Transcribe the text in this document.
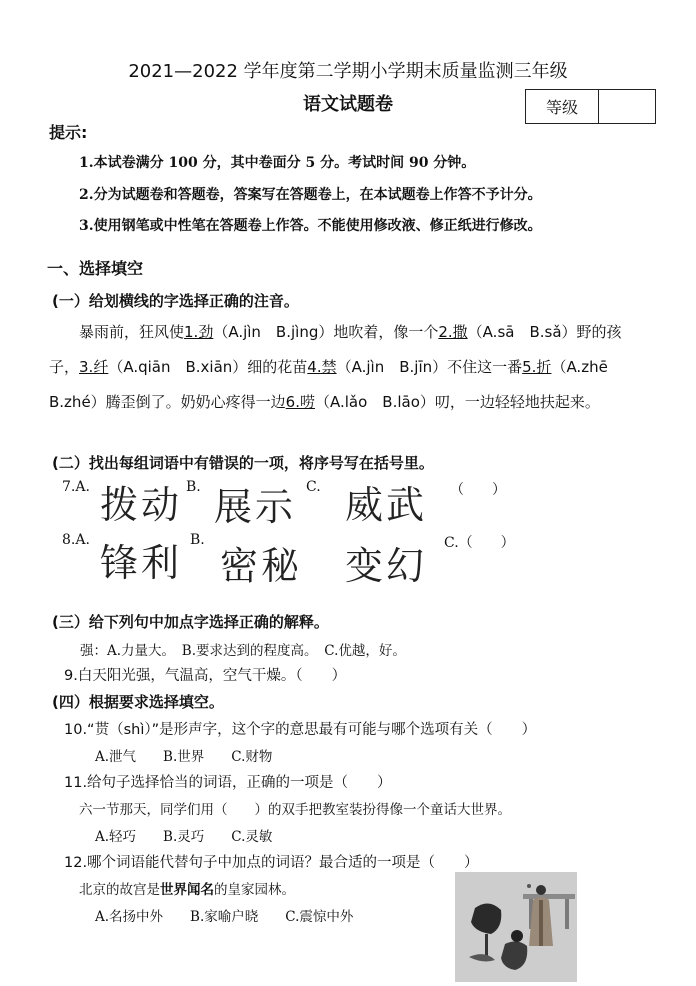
2021—2022 学年度第二学期小学期末质量监测三年级
语文试题卷	等级
提示:
1.本试卷满分 100 分，其中卷面分 5 分。考试时间 90 分钟。
2.分为试题卷和答题卷，答案写在答题卷上，在本试题卷上作答不予计分。
3.使用钢笔或中性笔在答题卷上作答。不能使用修改液、修正纸进行修改。
一、选择填空
(一）给划横线的字选择正确的注音。
暴雨前，狂风使1.劲（A.jìn　B.jìng）地吹着，像一个2.撒（A.sā　B.sǎ）野的孩子，3.纤（A.qiān　B.xiān）细的花苗4.禁（A.jìn　B.jīn）不住这一番5.折（A.zhē　B.zhé）腾歪倒了。奶奶心疼得一边6.唠（A.lǎo　B.lāo）叨，一边轻轻地扶起来。
(二）找出每组词语中有错误的一项，将序号写在括号里。
7.A. 拨动 B. 展示 C. 威武 （　　）
8.A.
锋利
B.
密秘 变幻
C.（　　）
(三）给下列句中加点字选择正确的解释。
强：A.力量大。　B.要求达到的程度高。　C.优越，好。
9.白天阳光强，气温高，空气干燥。（　　）
(四）根据要求选择填空。
10.“贳（shì）”是形声字，这个字的意思最有可能与哪个选项有关（　　）
A.泄气　　B.世界　　C.财物
11.给句子选择恰当的词语，正确的一项是（　　）
六一节那天，同学们用（　　）的双手把教室装扮得像一个童话大世界。
A.轻巧　　B.灵巧　　C.灵敏
12.哪个词语能代替句子中加点的词语？最合适的一项是（　　）
北京的故宫是世界闻名的皇家园林。
A.名扬中外　　B.家喻户晓　　C.震惊中外
